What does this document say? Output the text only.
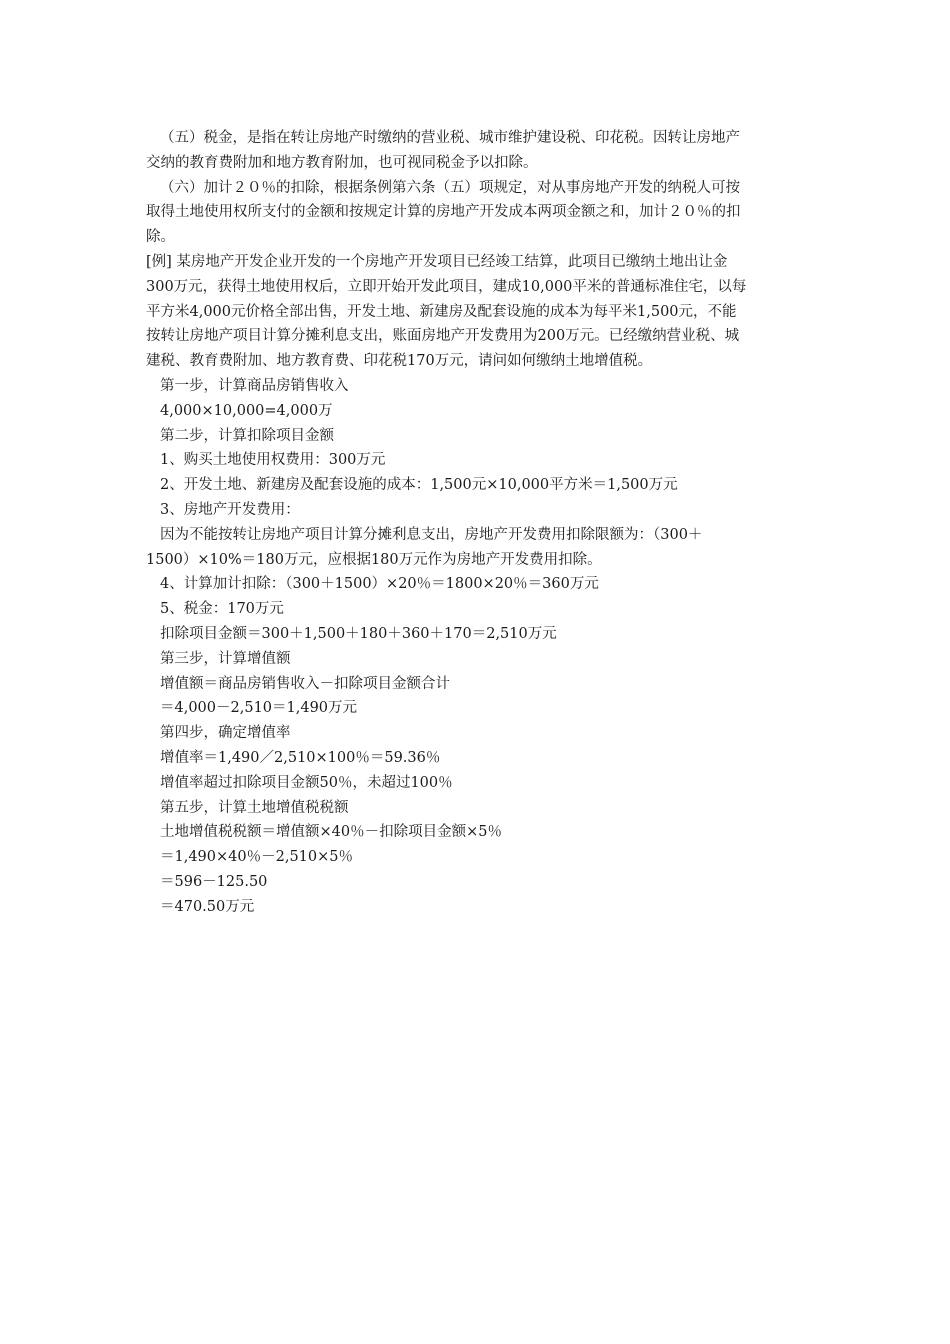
（五）税金，是指在转让房地产时缴纳的营业税、城市维护建设税、印花税。因转让房地产
交纳的教育费附加和地方教育附加，也可视同税金予以扣除。
（六）加计２０％的扣除，根据条例第六条（五）项规定，对从事房地产开发的纳税人可按
取得土地使用权所支付的金额和按规定计算的房地产开发成本两项金额之和，加计２０％的扣
除。
[例] 某房地产开发企业开发的一个房地产开发项目已经竣工结算，此项目已缴纳土地出让金
300万元，获得土地使用权后，立即开始开发此项目，建成10,000平米的普通标准住宅，以每
平方米4,000元价格全部出售，开发土地、新建房及配套设施的成本为每平米1,500元，不能
按转让房地产项目计算分摊利息支出，账面房地产开发费用为200万元。已经缴纳营业税、城
建税、教育费附加、地方教育费、印花税170万元，请问如何缴纳土地增值税。
第一步，计算商品房销售收入
4,000×10,000=4,000万
第二步，计算扣除项目金额
1、购买土地使用权费用：300万元
2、开发土地、新建房及配套设施的成本：1,500元×10,000平方米＝1,500万元
3、房地产开发费用：
因为不能按转让房地产项目计算分摊利息支出，房地产开发费用扣除限额为：（300＋
1500）×10%＝180万元，应根据180万元作为房地产开发费用扣除。
4、计算加计扣除：（300＋1500）×20％＝1800×20％＝360万元
5、税金：170万元
扣除项目金额＝300＋1,500＋180＋360＋170＝2,510万元
第三步，计算增值额
增值额＝商品房销售收入－扣除项目金额合计
＝4,000－2,510＝1,490万元
第四步，确定增值率
增值率＝1,490／2,510×100％＝59.36％
增值率超过扣除项目金额50％，未超过100％
第五步，计算土地增值税税额
土地增值税税额＝增值额×40％－扣除项目金额×5％
＝1,490×40％－2,510×5％
＝596－125.50
＝470.50万元
